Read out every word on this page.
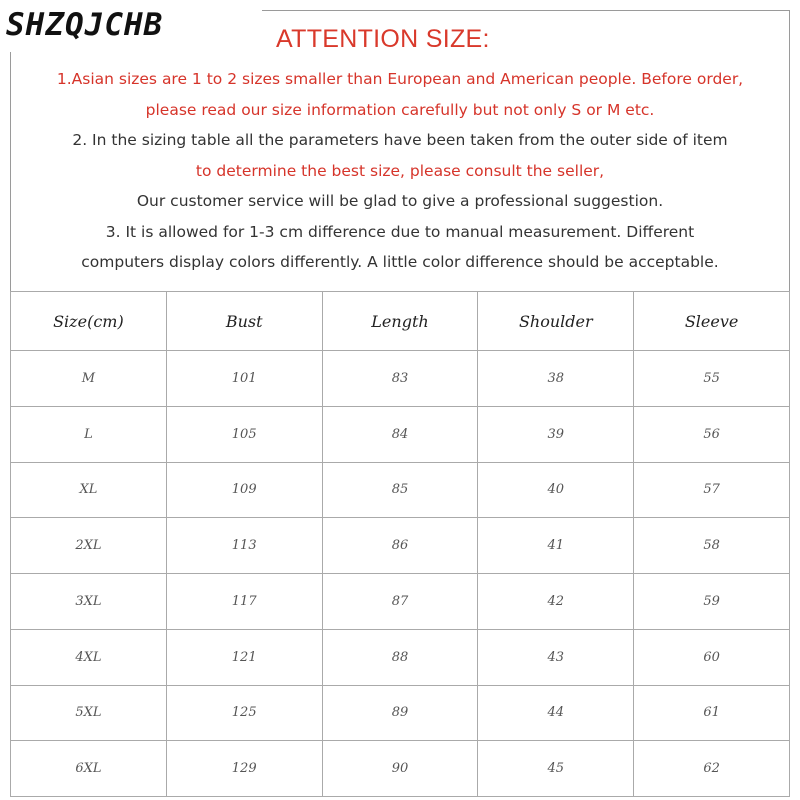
SHZQJCHB	ATTENTION SIZE:
1.Asian sizes are 1 to 2 sizes smaller than European and American people. Before order,
please read our size information carefully but not only S or M etc.
2. In the sizing table all the parameters have been taken from the outer side of item
to determine the best size, please consult the seller,
Our customer service will be glad to give a professional suggestion.
3. It is allowed for 1-3 cm difference due to manual measurement. Different
computers display colors differently. A little color difference should be acceptable.
Size(cm)	Bust	Length	Shoulder	Sleeve
M	101	83	38	55
L	105	84	39	56
XL	109	85	40	57
2XL	113	86	41	58
3XL	117	87	42	59
4XL	121	88	43	60
5XL	125	89	44	61
6XL	129	90	45	62
